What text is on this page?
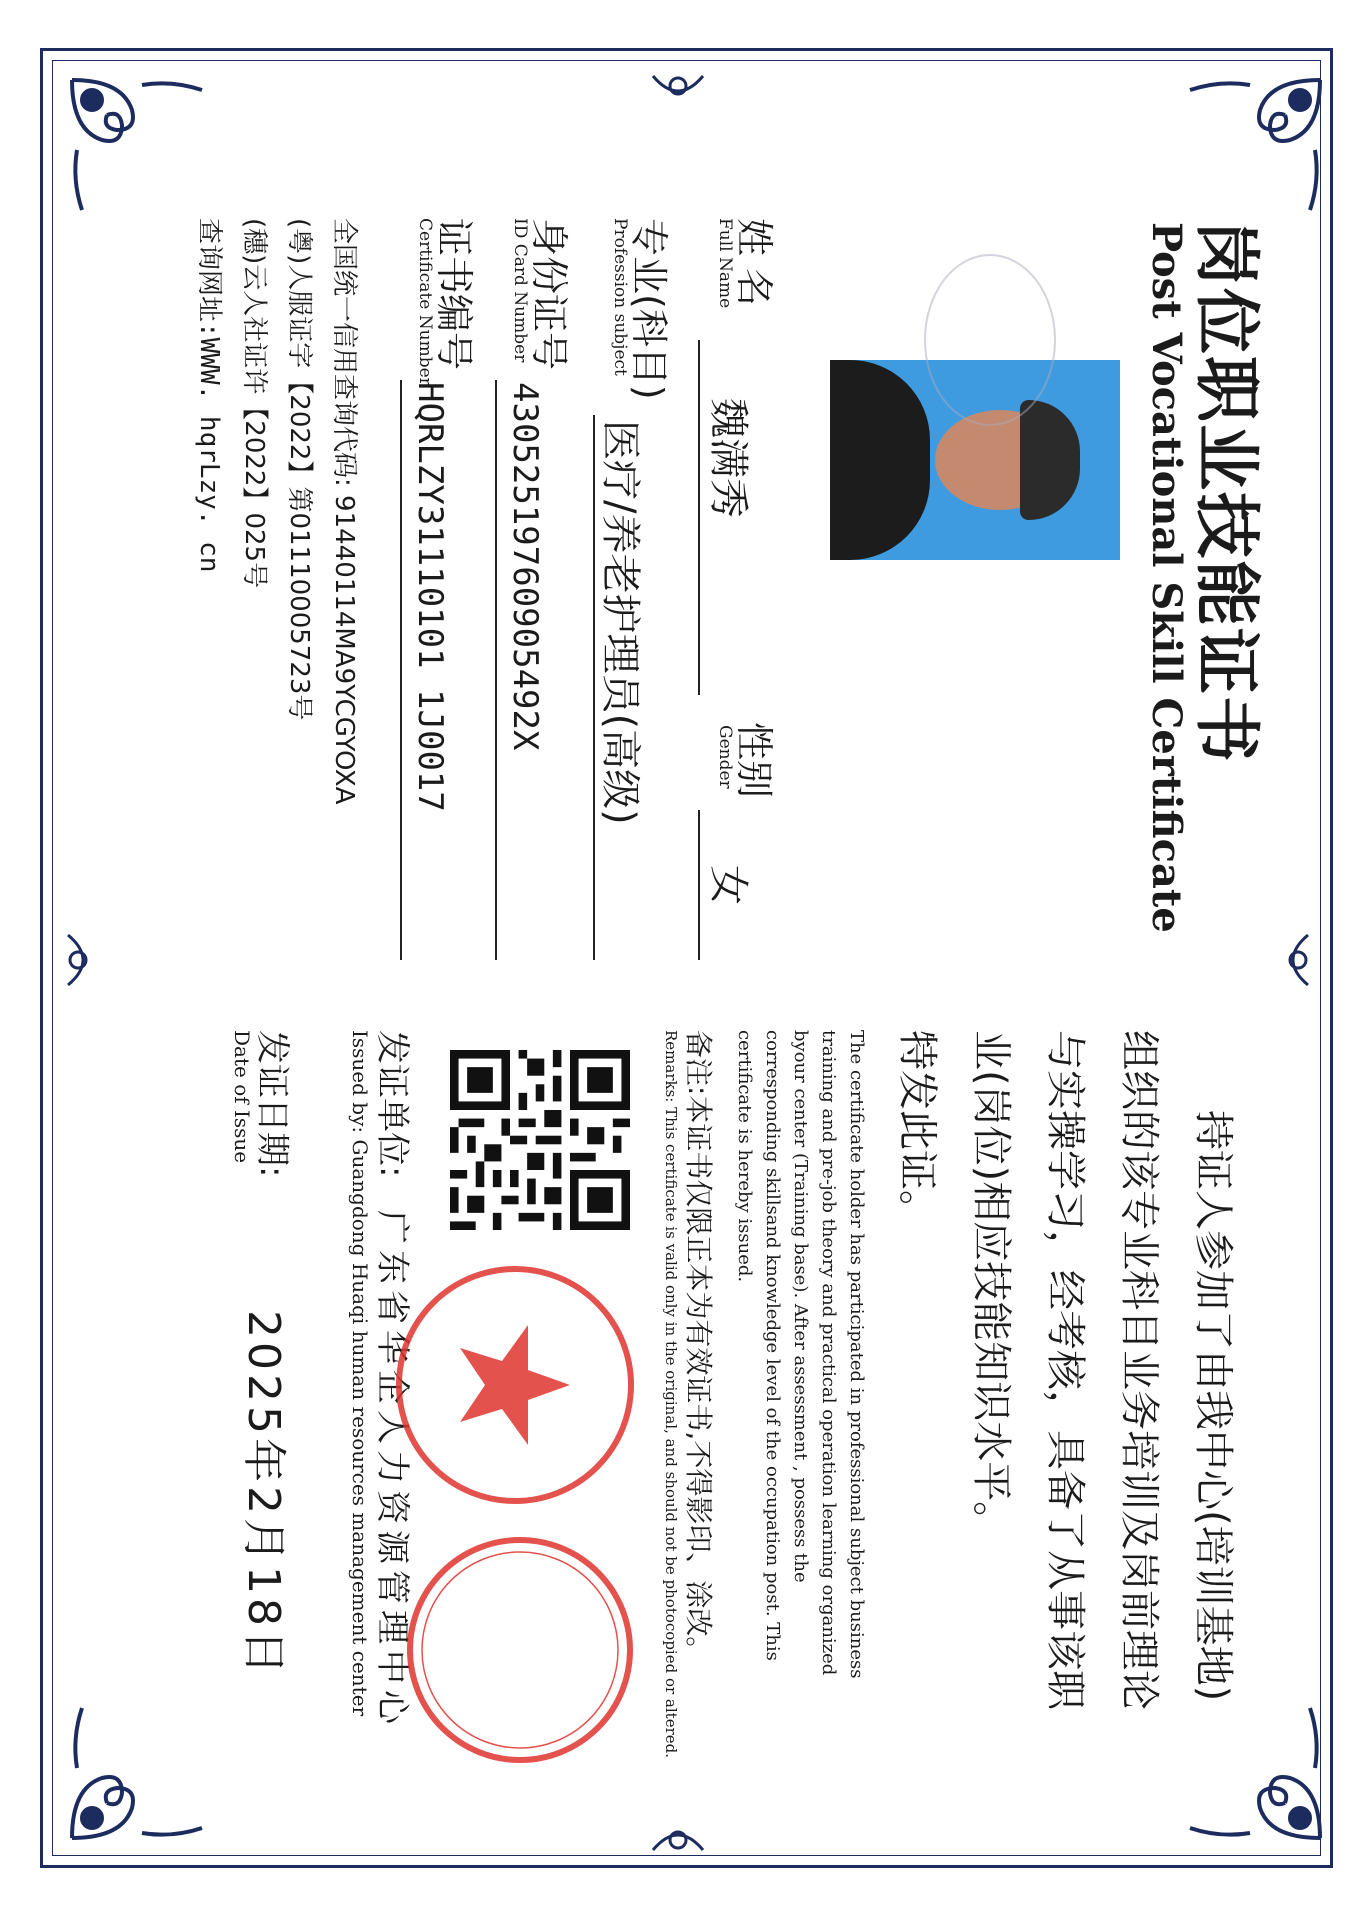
岗位职业技能证书
Post Vocational Skill Certificate
姓 名
Full Name
魏满秀
性别
Gender
女
专业(科目)
Profession subject
医疗/养老护理员(高级)
身份证号
ID Card Number
43052519760905492X
证书编号
Certificate Number
HQRLZY31110101 1J0017
全国统一信用查询代码: 91440114MA9YCGYOXA
(粤)人服证字【2022】第01110005723号
(穗)云人社证许【2022】025号
查询网址:WWW. hqrLzy. cn
持证人参加了由我中心(培训基地)
组织的该专业科目业务培训及岗前理论
与实操学习，经考核，具备了从事该职
业(岗位)相应技能知识水平。
特发此证。
The certificate holder has participated in professional subject business
training and pre-job theory and practical operation learning organized
byour center (Training base). After assessment , possess the
corresponding skillsand knowledge level of the occupation post. This
certificate is hereby issued.
备注:本证书仅限正本为有效证书,不得影印、涂改。
Remarks: This certificate is valid only in the original, and should not be photocopied or altered.
发证单位:
广东省华企人力资源管理中心
Issued by: Guangdong Huaqi human resources management center
发证日期:
Date of Issue
2025年2月18日
